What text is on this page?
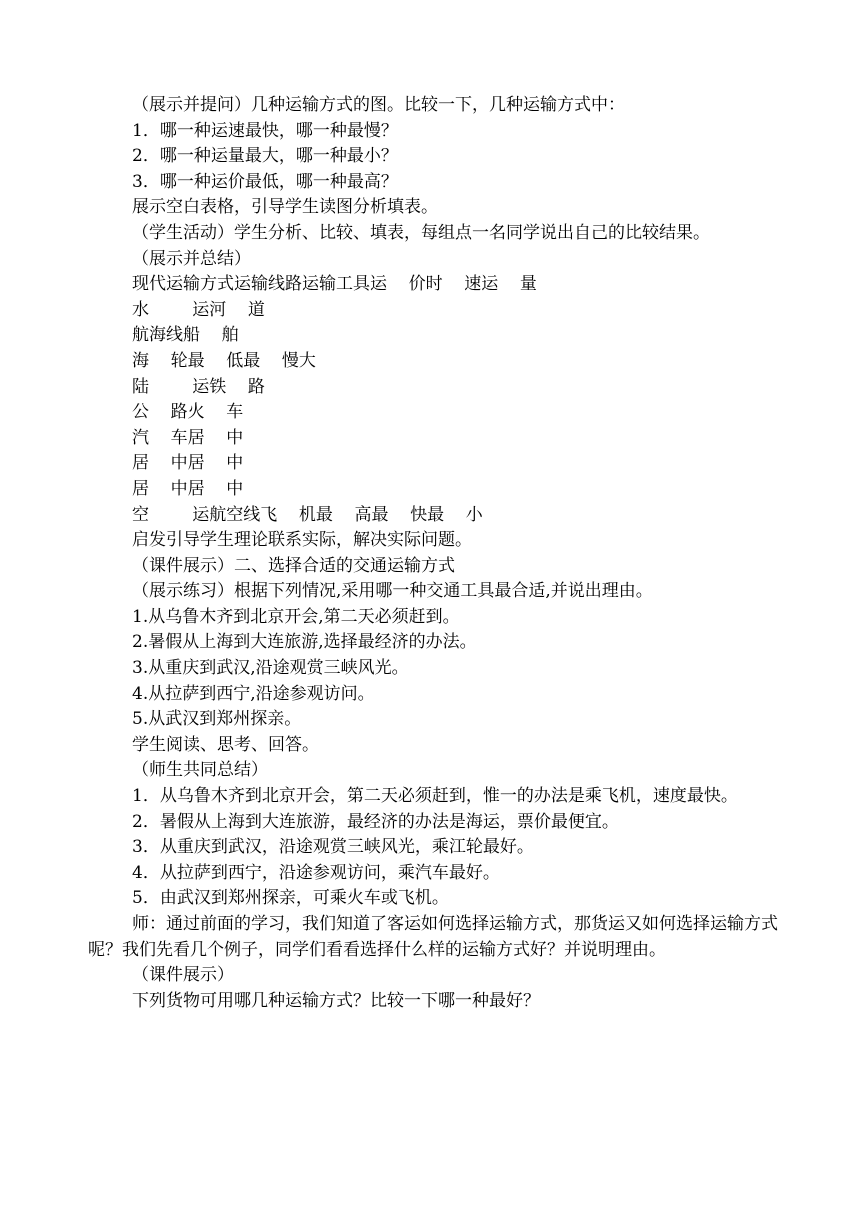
（展示并提问）几种运输方式的图。比较一下，几种运输方式中：
1．哪一种运速最快，哪一种最慢？
2．哪一种运量最大，哪一种最小？
3．哪一种运价最低，哪一种最高？
展示空白表格，引导学生读图分析填表。
（学生活动）学生分析、比较、填表，每组点一名同学说出自己的比较结果。
（展示并总结）
现代运输方式运输线路运输工具运    价时    速运    量
水        运河    道
航海线船    舶
海    轮最    低最    慢大
陆        运铁    路
公    路火    车
汽    车居    中
居    中居    中
居    中居    中
空        运航空线飞    机最    高最    快最    小
启发引导学生理论联系实际，解决实际问题。
（课件展示）二、选择合适的交通运输方式
（展示练习）根据下列情况,采用哪一种交通工具最合适,并说出理由。
1.从乌鲁木齐到北京开会,第二天必须赶到。
2.暑假从上海到大连旅游,选择最经济的办法。
3.从重庆到武汉,沿途观赏三峡风光。
4.从拉萨到西宁,沿途参观访问。
5.从武汉到郑州探亲。
学生阅读、思考、回答。
（师生共同总结）
1．从乌鲁木齐到北京开会，第二天必须赶到，惟一的办法是乘飞机，速度最快。
2．暑假从上海到大连旅游，最经济的办法是海运，票价最便宜。
3．从重庆到武汉，沿途观赏三峡风光，乘江轮最好。
4．从拉萨到西宁，沿途参观访问，乘汽车最好。
5．由武汉到郑州探亲，可乘火车或飞机。
师：通过前面的学习，我们知道了客运如何选择运输方式，那货运又如何选择运输方式呢？我们先看几个例子，同学们看看选择什么样的运输方式好？并说明理由。
（课件展示）
下列货物可用哪几种运输方式？比较一下哪一种最好？
